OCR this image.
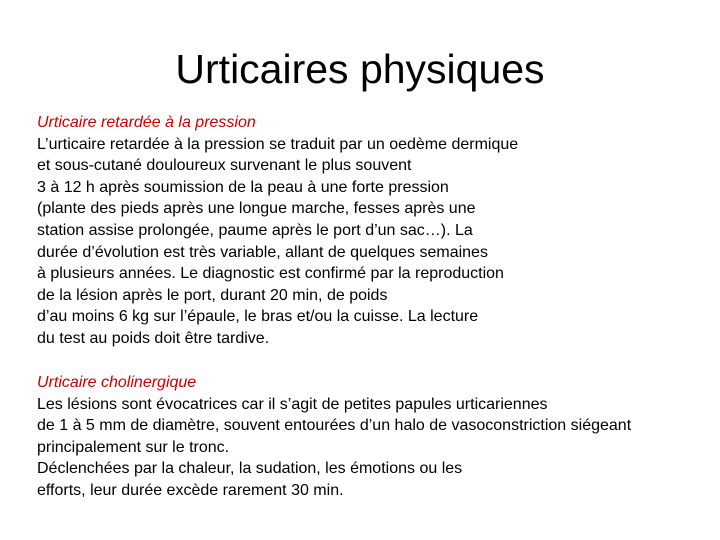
Urticaires physiques
Urticaire retardée à la pression
L’urticaire retardée à la pression se traduit par un oedème dermique
et sous-cutané douloureux survenant le plus souvent
3 à 12 h après soumission de la peau à une forte pression
(plante des pieds après une longue marche, fesses après une
station assise prolongée, paume après le port d’un sac…). La
durée d’évolution est très variable, allant de quelques semaines
à plusieurs années. Le diagnostic est confirmé par la reproduction
de la lésion après le port, durant 20 min, de poids
d’au moins 6 kg sur l’épaule, le bras et/ou la cuisse. La lecture
du test au poids doit être tardive.
Urticaire cholinergique
Les lésions sont évocatrices car il s’agit de petites papules urticariennes
de 1 à 5 mm de diamètre, souvent entourées d’un halo de vasoconstriction siégeant
principalement sur le tronc.
Déclenchées par la chaleur, la sudation, les émotions ou les
efforts, leur durée excède rarement 30 min.
